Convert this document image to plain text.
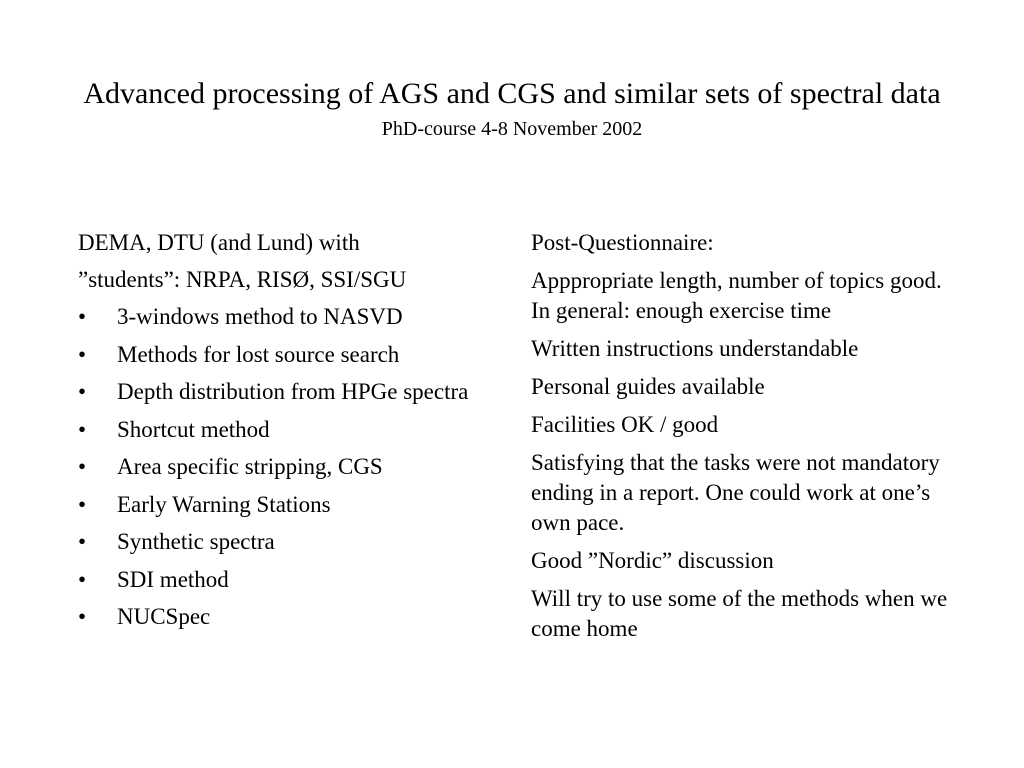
Advanced processing of AGS and CGS and similar sets of spectral data
PhD-course 4-8 November 2002

DEMA, DTU (and Lund) with

”students”: NRPA, RISØ, SSI/SGU

•	3-windows method to NASVD
•	Methods for lost source search
•	Depth distribution from HPGe spectra
•	Shortcut method
•	Area specific stripping, CGS
•	Early Warning Stations
•	Synthetic spectra
•	SDI method
•	NUCSpec

Post-Questionnaire:

Apppropriate length, number of topics good. In general: enough exercise time

Written instructions understandable

Personal guides available

Facilities OK / good

Satisfying that the tasks were not mandatory ending in a report. One could work at one’s own pace.

Good ”Nordic” discussion

Will try to use some of the methods when we come home
